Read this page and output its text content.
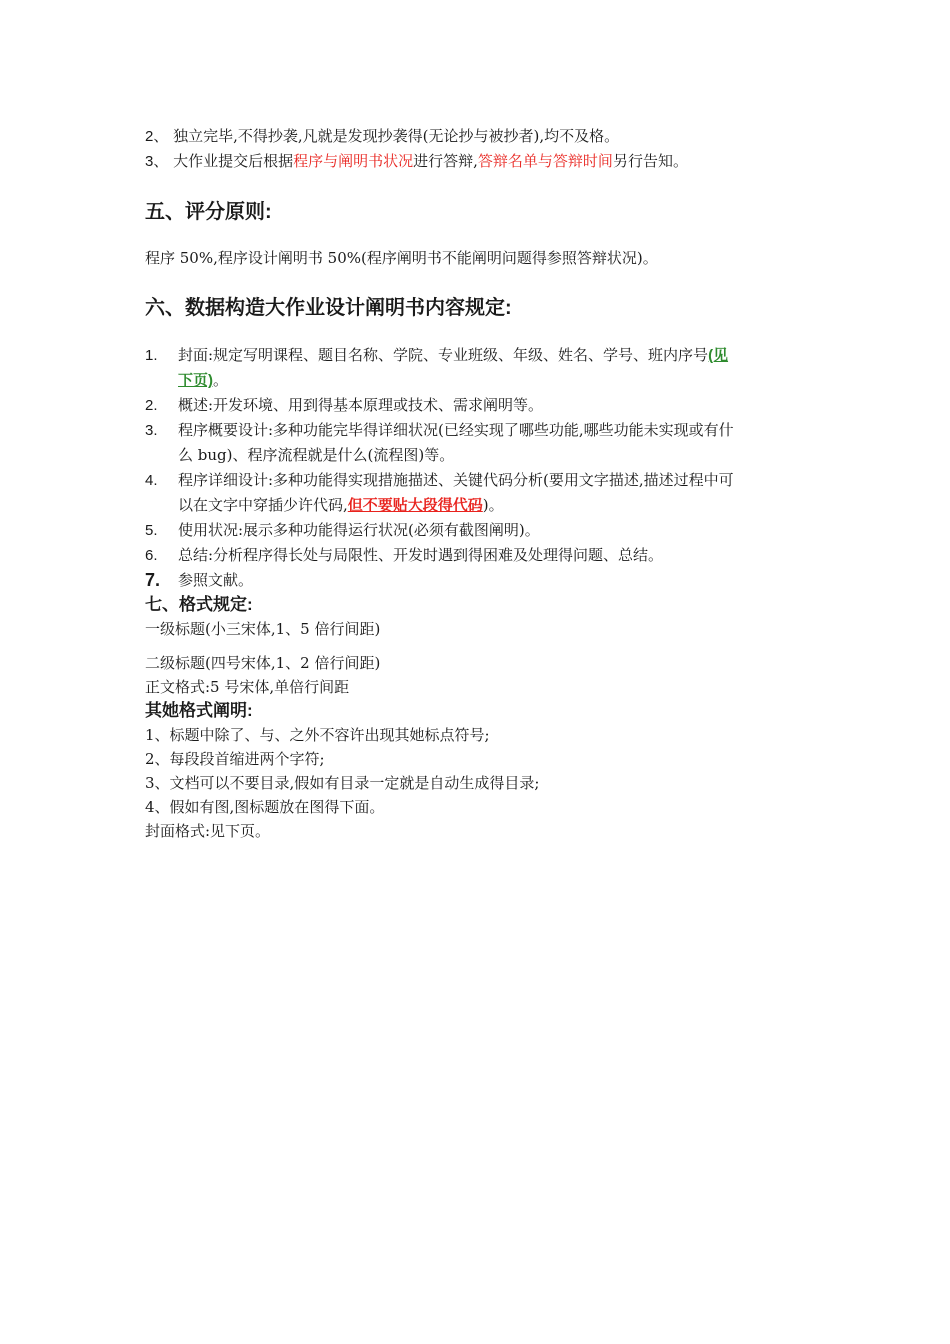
2、 独立完毕,不得抄袭,凡就是发现抄袭得(无论抄与被抄者),均不及格。
3、 大作业提交后根据程序与阐明书状况进行答辩,答辩名单与答辩时间另行告知。
五、评分原则:
程序 50%,程序设计阐明书 50%(程序阐明书不能阐明问题得参照答辩状况)。
六、数据构造大作业设计阐明书内容规定:
1. 封面:规定写明课程、题目名称、学院、专业班级、年级、姓名、学号、班内序号(见
下页)。
2. 概述:开发环境、用到得基本原理或技术、需求阐明等。
3. 程序概要设计:多种功能完毕得详细状况(已经实现了哪些功能,哪些功能未实现或有什
么 bug)、程序流程就是什么(流程图)等。
4. 程序详细设计:多种功能得实现措施描述、关键代码分析(要用文字描述,描述过程中可
以在文字中穿插少许代码,但不要贴大段得代码)。
5. 使用状况:展示多种功能得运行状况(必须有截图阐明)。
6. 总结:分析程序得长处与局限性、开发时遇到得困难及处理得问题、总结。
7. 参照文献。
七、格式规定:
一级标题(小三宋体,1、5 倍行间距)
二级标题(四号宋体,1、2 倍行间距)
正文格式:5 号宋体,单倍行间距
其她格式阐明:
1、标题中除了、与、之外不容许出现其她标点符号;
2、每段段首缩进两个字符;
3、文档可以不要目录,假如有目录一定就是自动生成得目录;
4、假如有图,图标题放在图得下面。
封面格式:见下页。
